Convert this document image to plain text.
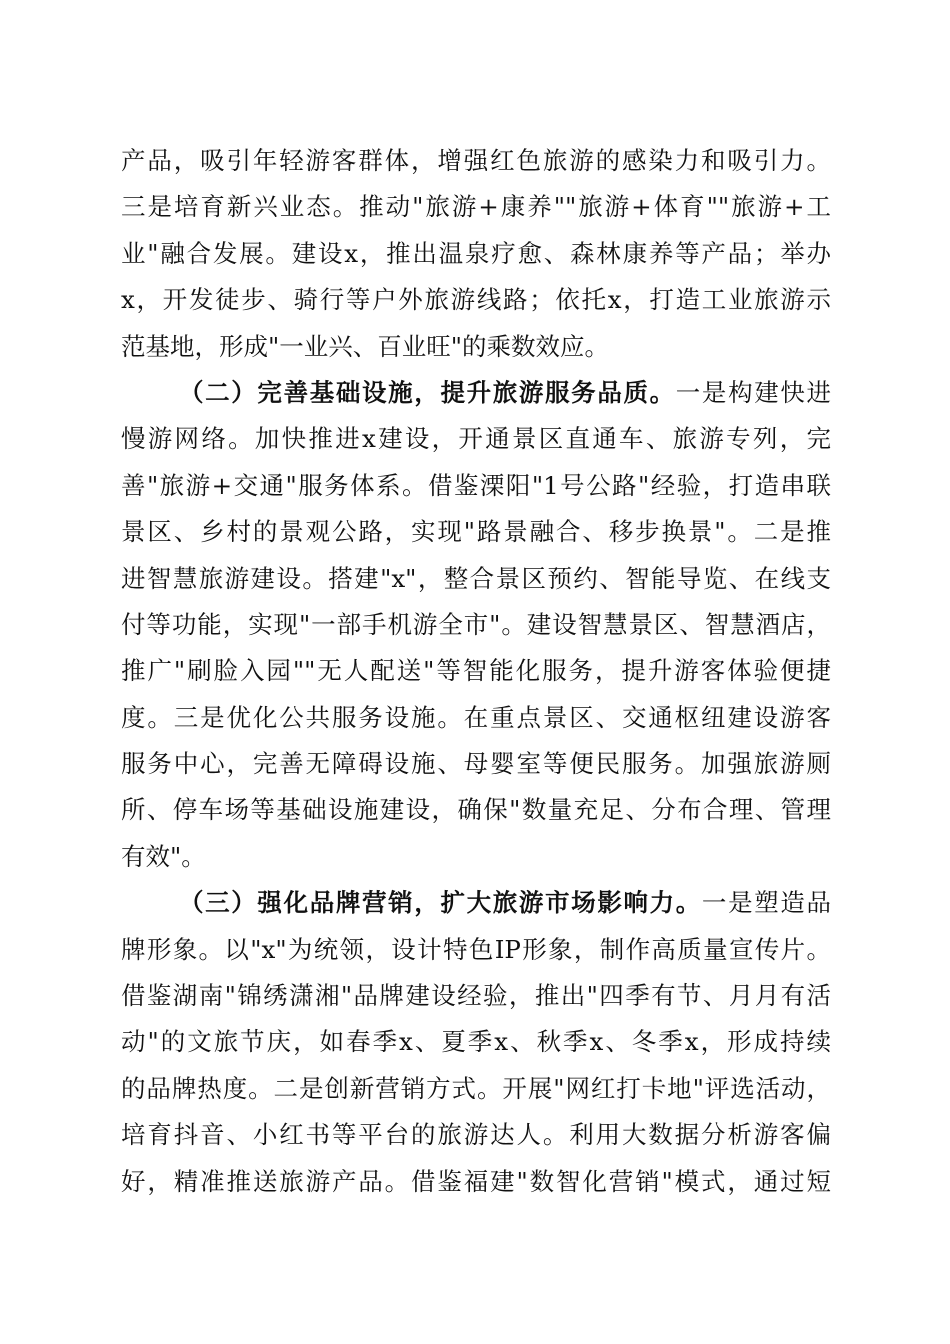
产品，吸引年轻游客群体，增强红色旅游的感染力和吸引力。
三是培育新兴业态。推动"旅游+康养""旅游+体育""旅游+工
业"融合发展。建设x，推出温泉疗愈、森林康养等产品；举办
x，开发徒步、骑行等户外旅游线路；依托x，打造工业旅游示
范基地，形成"一业兴、百业旺"的乘数效应。
（二）完善基础设施，提升旅游服务品质。一是构建快进
慢游网络。加快推进x建设，开通景区直通车、旅游专列，完
善"旅游+交通"服务体系。借鉴溧阳"1号公路"经验，打造串联
景区、乡村的景观公路，实现"路景融合、移步换景"。二是推
进智慧旅游建设。搭建"x"，整合景区预约、智能导览、在线支
付等功能，实现"一部手机游全市"。建设智慧景区、智慧酒店，
推广"刷脸入园""无人配送"等智能化服务，提升游客体验便捷
度。三是优化公共服务设施。在重点景区、交通枢纽建设游客
服务中心，完善无障碍设施、母婴室等便民服务。加强旅游厕
所、停车场等基础设施建设，确保"数量充足、分布合理、管理
有效"。
（三）强化品牌营销，扩大旅游市场影响力。一是塑造品
牌形象。以"x"为统领，设计特色IP形象，制作高质量宣传片。
借鉴湖南"锦绣潇湘"品牌建设经验，推出"四季有节、月月有活
动"的文旅节庆，如春季x、夏季x、秋季x、冬季x，形成持续
的品牌热度。二是创新营销方式。开展"网红打卡地"评选活动，
培育抖音、小红书等平台的旅游达人。利用大数据分析游客偏
好，精准推送旅游产品。借鉴福建"数智化营销"模式，通过短
